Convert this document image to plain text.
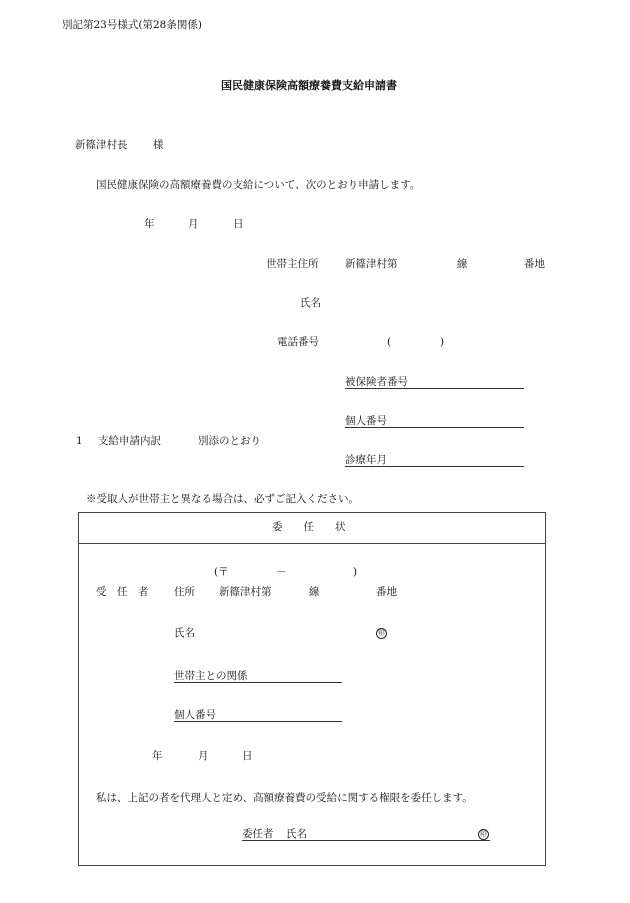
別記第23号様式(第28条関係)
国民健康保険高額療養費支給申請書
新篠津村長 様
国民健康保険の高額療養費の支給について、次のとおり申請します。
年	月	日
世帯主住所	新篠津村第	線	番地
氏名
電話番号	(	)
被保険者番号
個人番号
1 支給申請内訳	別添のとおり
診療年月
※受取人が世帯主と異なる場合は、必ずご記入ください。
委　　任　　状
(〒	－	)
受　任　者 住所 新篠津村第	線	番地
氏名	㊞
世帯主との関係
個人番号
年	月	日
私は、上記の者を代理人と定め、高額療養費の受給に関する権限を委任します。
委任者 氏名	㊞
